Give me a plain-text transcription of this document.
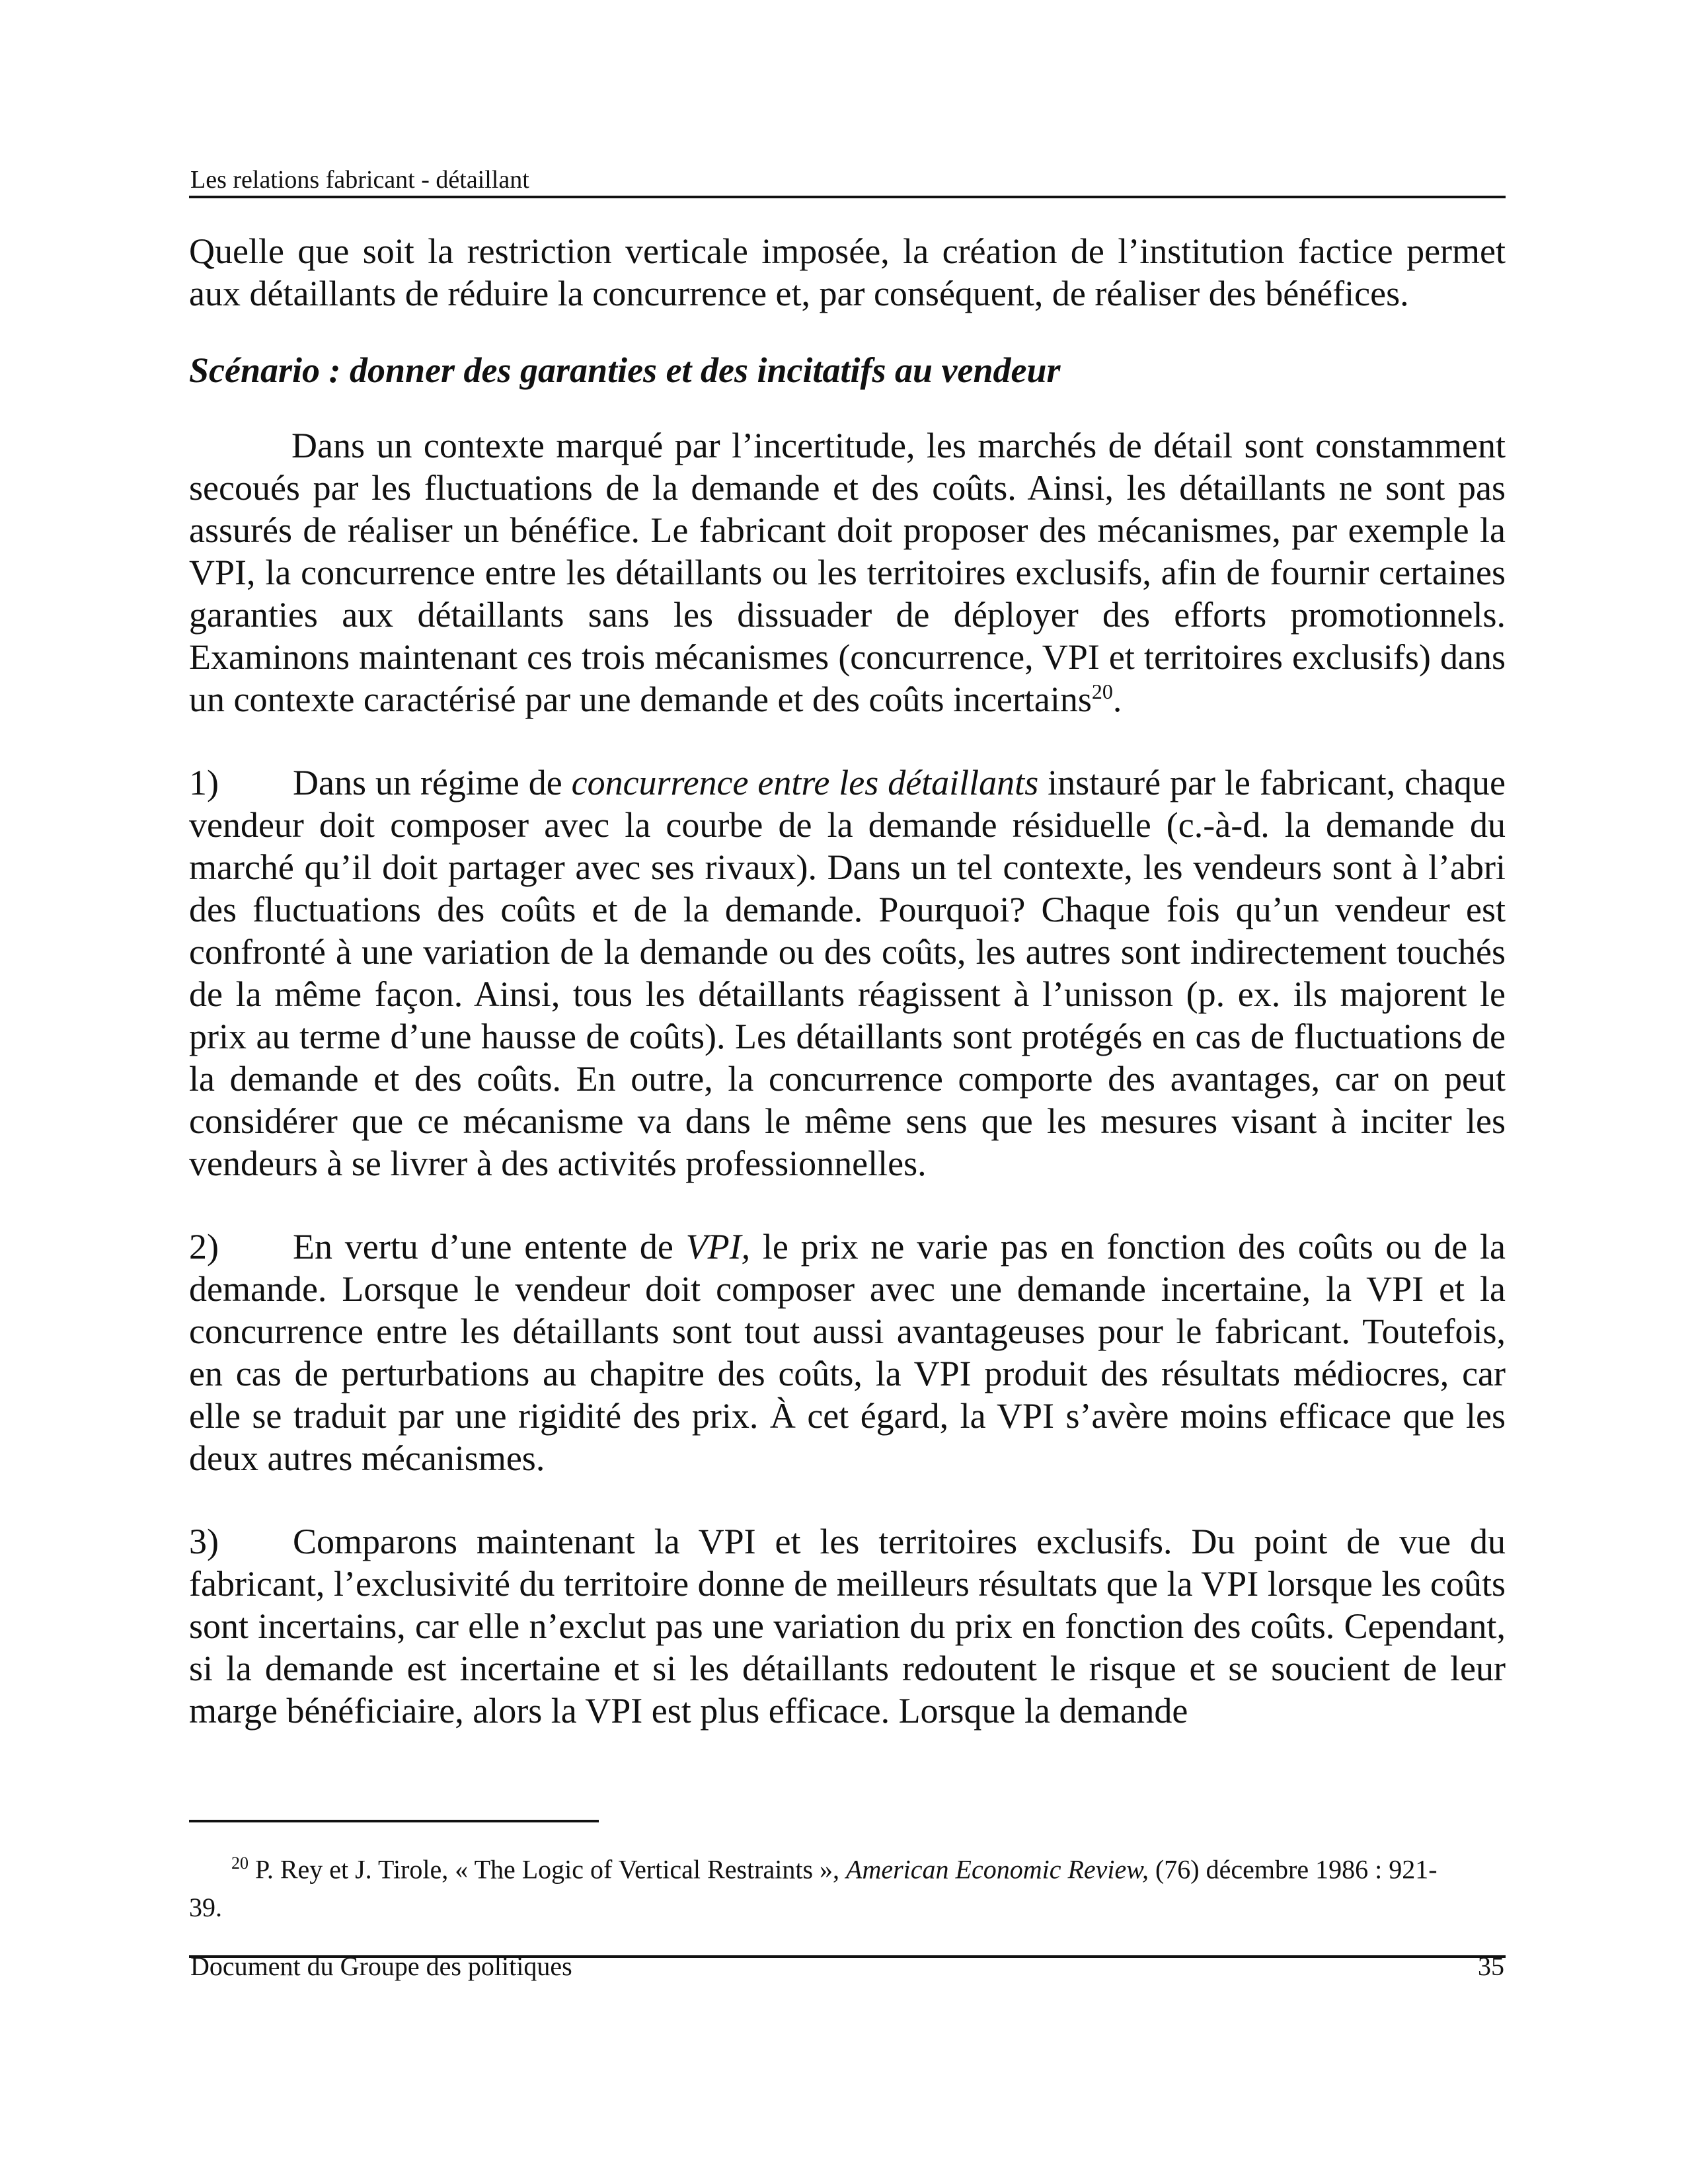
Les relations fabricant - détaillant

Quelle que soit la restriction verticale imposée, la création de l’institution factice permet aux détaillants de réduire la concurrence et, par conséquent, de réaliser des bénéfices.

Scénario : donner des garanties et des incitatifs au vendeur

Dans un contexte marqué par l’incertitude, les marchés de détail sont constamment secoués par les fluctuations de la demande et des coûts. Ainsi, les détaillants ne sont pas assurés de réaliser un bénéfice. Le fabricant doit proposer des mécanismes, par exemple la VPI, la concurrence entre les détaillants ou les territoires exclusifs, afin de fournir certaines garanties aux détaillants sans les dissuader de déployer des efforts promotionnels. Examinons maintenant ces trois mécanismes (concurrence, VPI et territoires exclusifs) dans un contexte caractérisé par une demande et des coûts incertains$^{20}$.

1) Dans un régime de concurrence entre les détaillants instauré par le fabricant, chaque vendeur doit composer avec la courbe de la demande résiduelle (c.-à-d. la demande du marché qu’il doit partager avec ses rivaux). Dans un tel contexte, les vendeurs sont à l’abri des fluctuations des coûts et de la demande. Pourquoi? Chaque fois qu’un vendeur est confronté à une variation de la demande ou des coûts, les autres sont indirectement touchés de la même façon. Ainsi, tous les détaillants réagissent à l’unisson (p. ex. ils majorent le prix au terme d’une hausse de coûts). Les détaillants sont protégés en cas de fluctuations de la demande et des coûts. En outre, la concurrence comporte des avantages, car on peut considérer que ce mécanisme va dans le même sens que les mesures visant à inciter les vendeurs à se livrer à des activités professionnelles.

2) En vertu d’une entente de VPI, le prix ne varie pas en fonction des coûts ou de la demande. Lorsque le vendeur doit composer avec une demande incertaine, la VPI et la concurrence entre les détaillants sont tout aussi avantageuses pour le fabricant. Toutefois, en cas de perturbations au chapitre des coûts, la VPI produit des résultats médiocres, car elle se traduit par une rigidité des prix. À cet égard, la VPI s’avère moins efficace que les deux autres mécanismes.

3) Comparons maintenant la VPI et les territoires exclusifs. Du point de vue du fabricant, l’exclusivité du territoire donne de meilleurs résultats que la VPI lorsque les coûts sont incertains, car elle n’exclut pas une variation du prix en fonction des coûts. Cependant, si la demande est incertaine et si les détaillants redoutent le risque et se soucient de leur marge bénéficiaire, alors la VPI est plus efficace. Lorsque la demande

$^{20}$ P. Rey et J. Tirole, « The Logic of Vertical Restraints », American Economic Review, (76) décembre 1986 : 921-39.
Document du Groupe des politiques	35
